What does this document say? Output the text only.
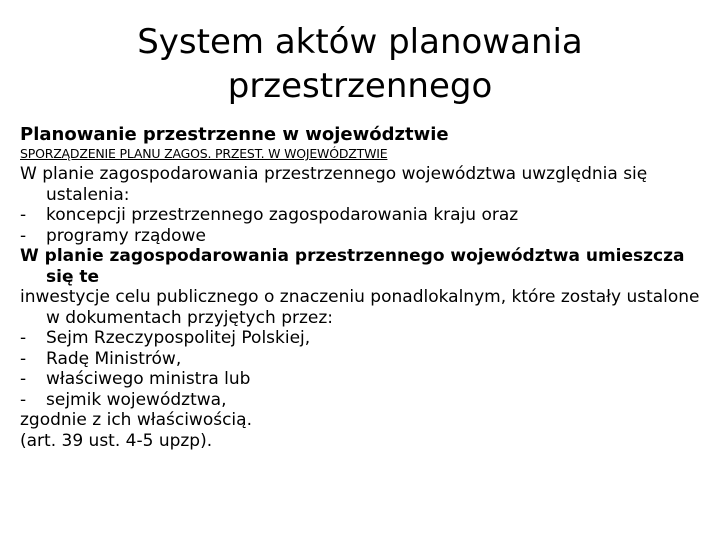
System aktów planowania
przestrzennego

Planowanie przestrzenne w województwie

SPORZĄDZENIE PLANU ZAGOS. PRZEST. W WOJEWÓDZTWIE

W planie zagospodarowania przestrzennego województwa uwzględnia się ustalenia:

- koncepcji przestrzennego zagospodarowania kraju oraz

- programy rządowe

W planie zagospodarowania przestrzennego województwa umieszcza się te

inwestycje celu publicznego o znaczeniu ponadlokalnym, które zostały ustalone w dokumentach przyjętych przez:

- Sejm Rzeczypospolitej Polskiej,

- Radę Ministrów,

- właściwego ministra lub

- sejmik województwa,

zgodnie z ich właściwością.

(art. 39 ust. 4-5 upzp).
